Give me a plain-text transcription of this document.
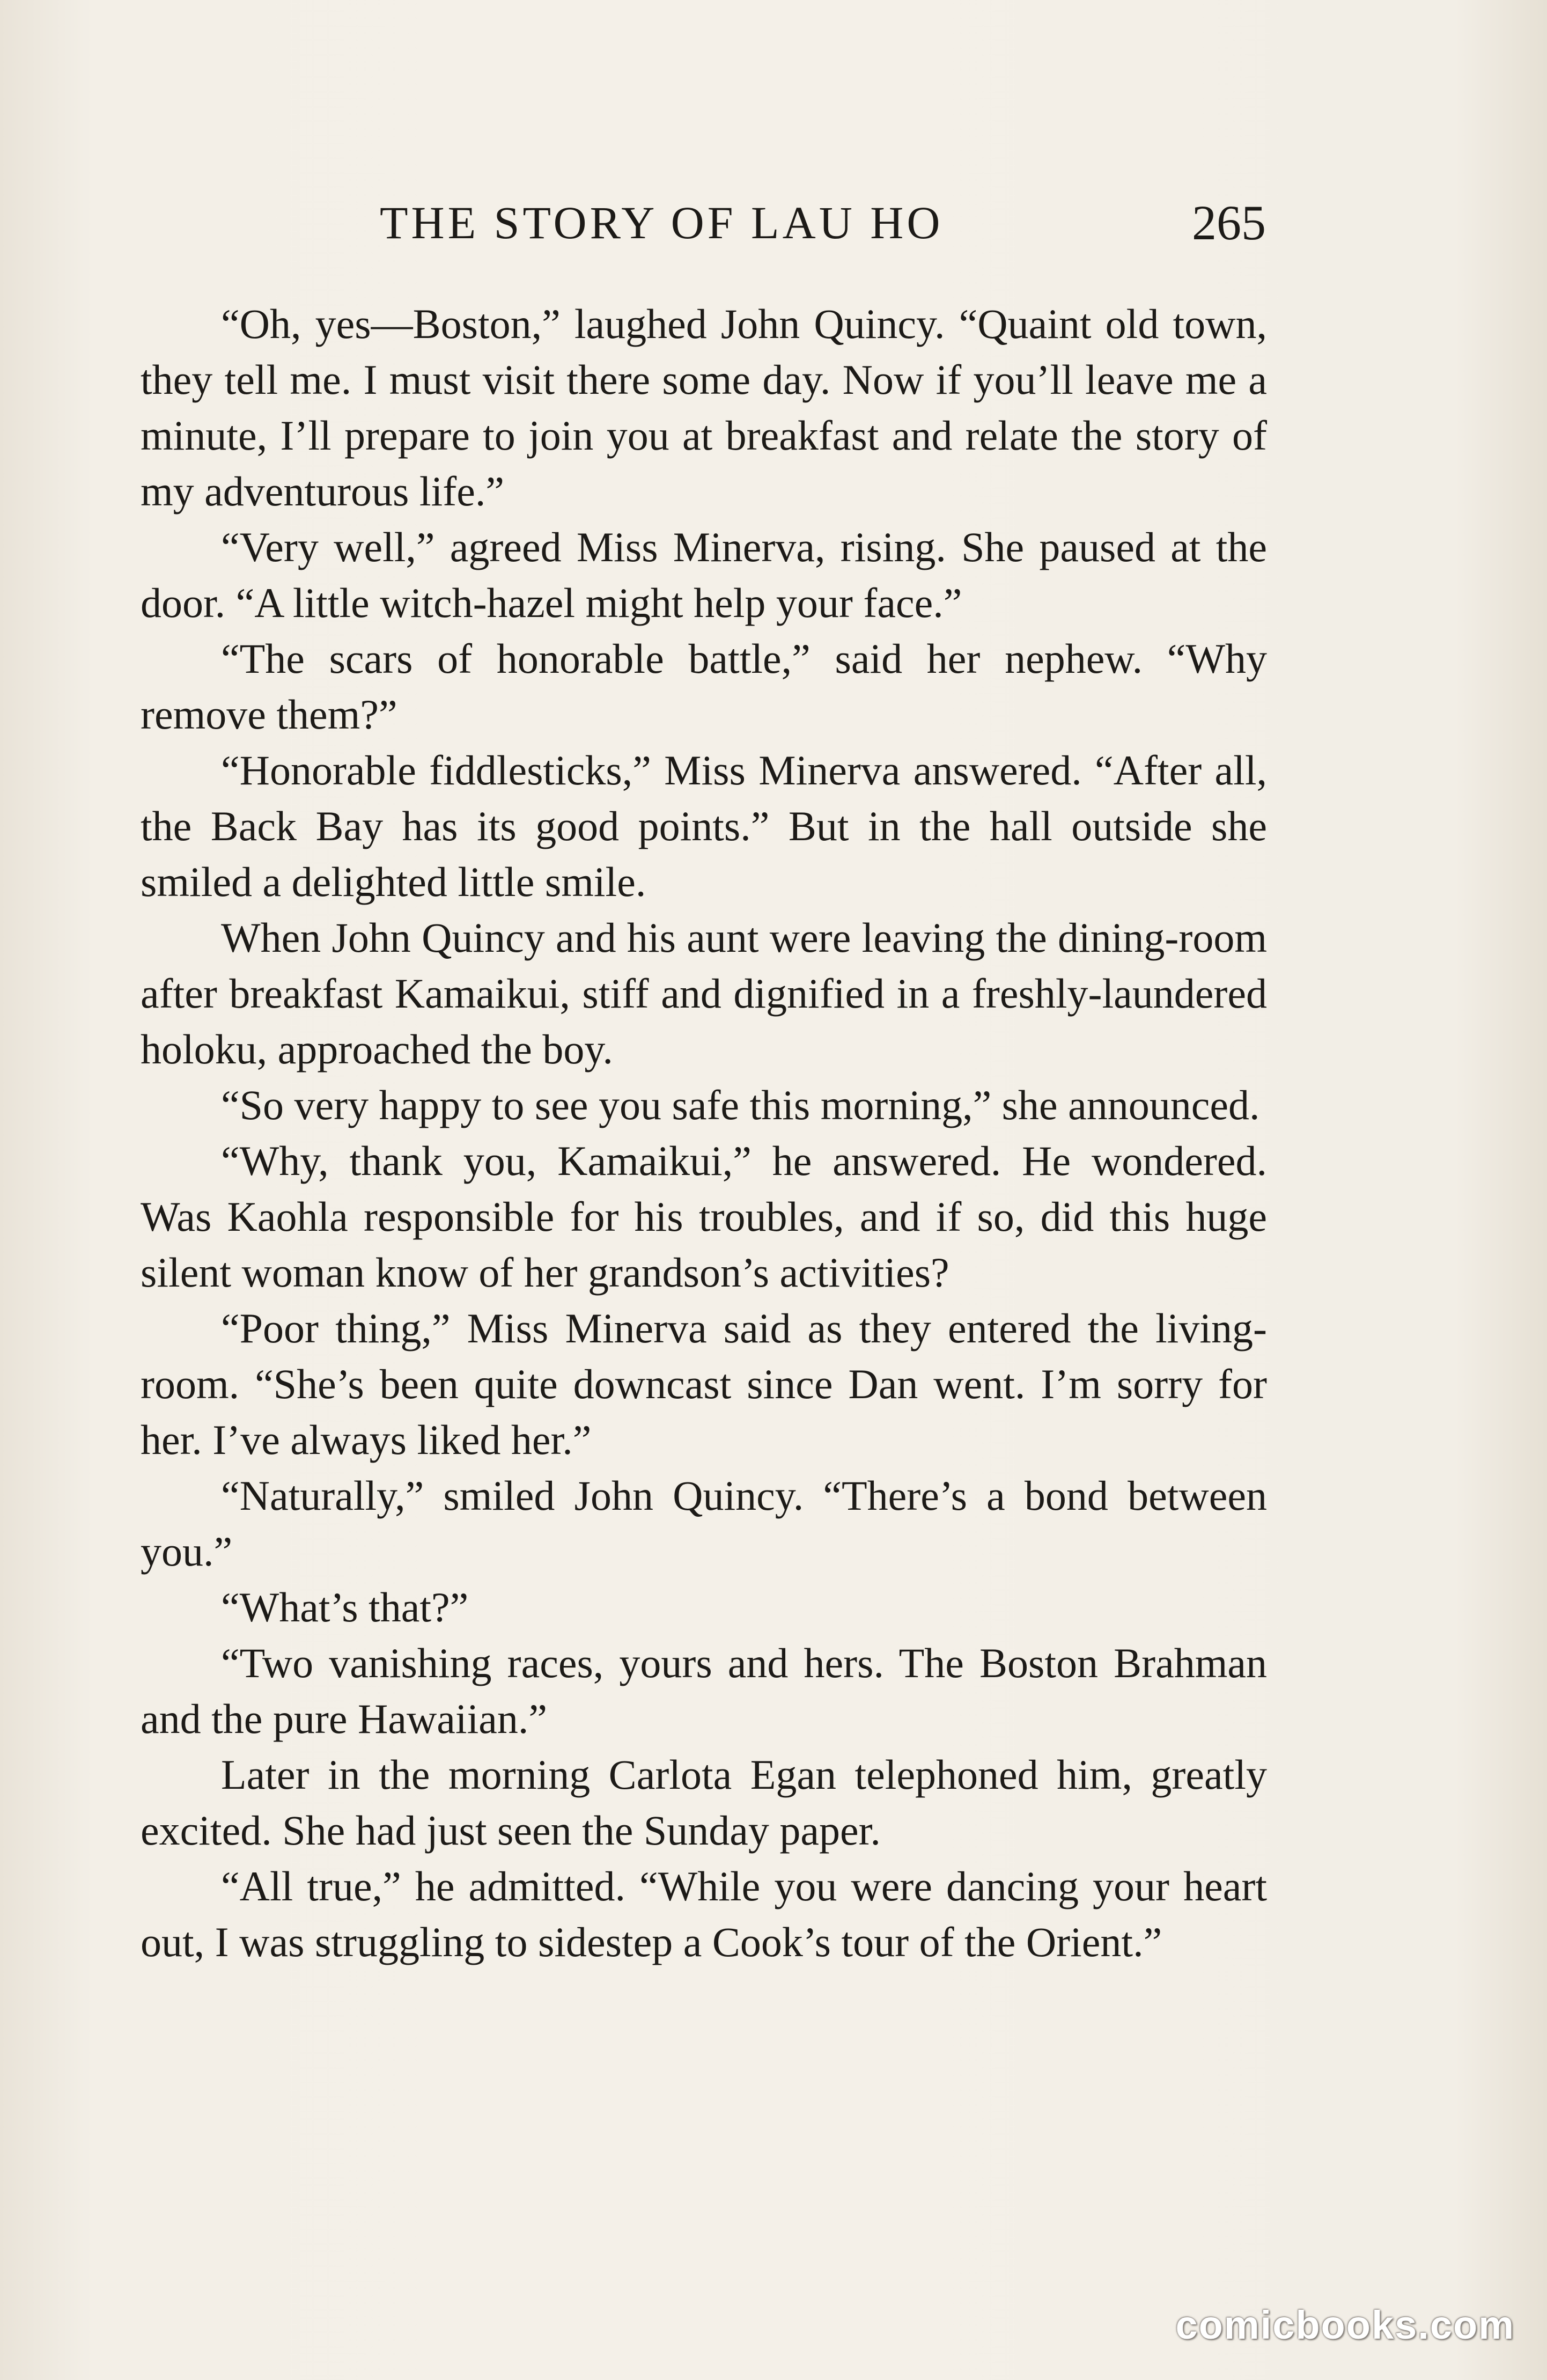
THE STORY OF LAU HO	265

“Oh, yes—Boston,” laughed John Quincy. “Quaint old town, they tell me. I must visit there some day. Now if you’ll leave me a minute, I’ll prepare to join you at breakfast and relate the story of my adventurous life.”

“Very well,” agreed Miss Minerva, rising. She paused at the door. “A little witch-hazel might help your face.”

“The scars of honorable battle,” said her nephew. “Why remove them?”

“Honorable fiddlesticks,” Miss Minerva answered. “After all, the Back Bay has its good points.” But in the hall outside she smiled a delighted little smile.

When John Quincy and his aunt were leaving the dining-room after breakfast Kamaikui, stiff and dignified in a freshly-laundered holoku, approached the boy.

“So very happy to see you safe this morning,” she announced.

“Why, thank you, Kamaikui,” he answered. He wondered. Was Kaohla responsible for his troubles, and if so, did this huge silent woman know of her grandson’s activities?

“Poor thing,” Miss Minerva said as they entered the living-room. “She’s been quite downcast since Dan went. I’m sorry for her. I’ve always liked her.”

“Naturally,” smiled John Quincy. “There’s a bond between you.”

“What’s that?”

“Two vanishing races, yours and hers. The Boston Brahman and the pure Hawaiian.”

Later in the morning Carlota Egan telephoned him, greatly excited. She had just seen the Sunday paper.

“All true,” he admitted. “While you were dancing your heart out, I was struggling to sidestep a Cook’s tour of the Orient.”

comicbooks.com
